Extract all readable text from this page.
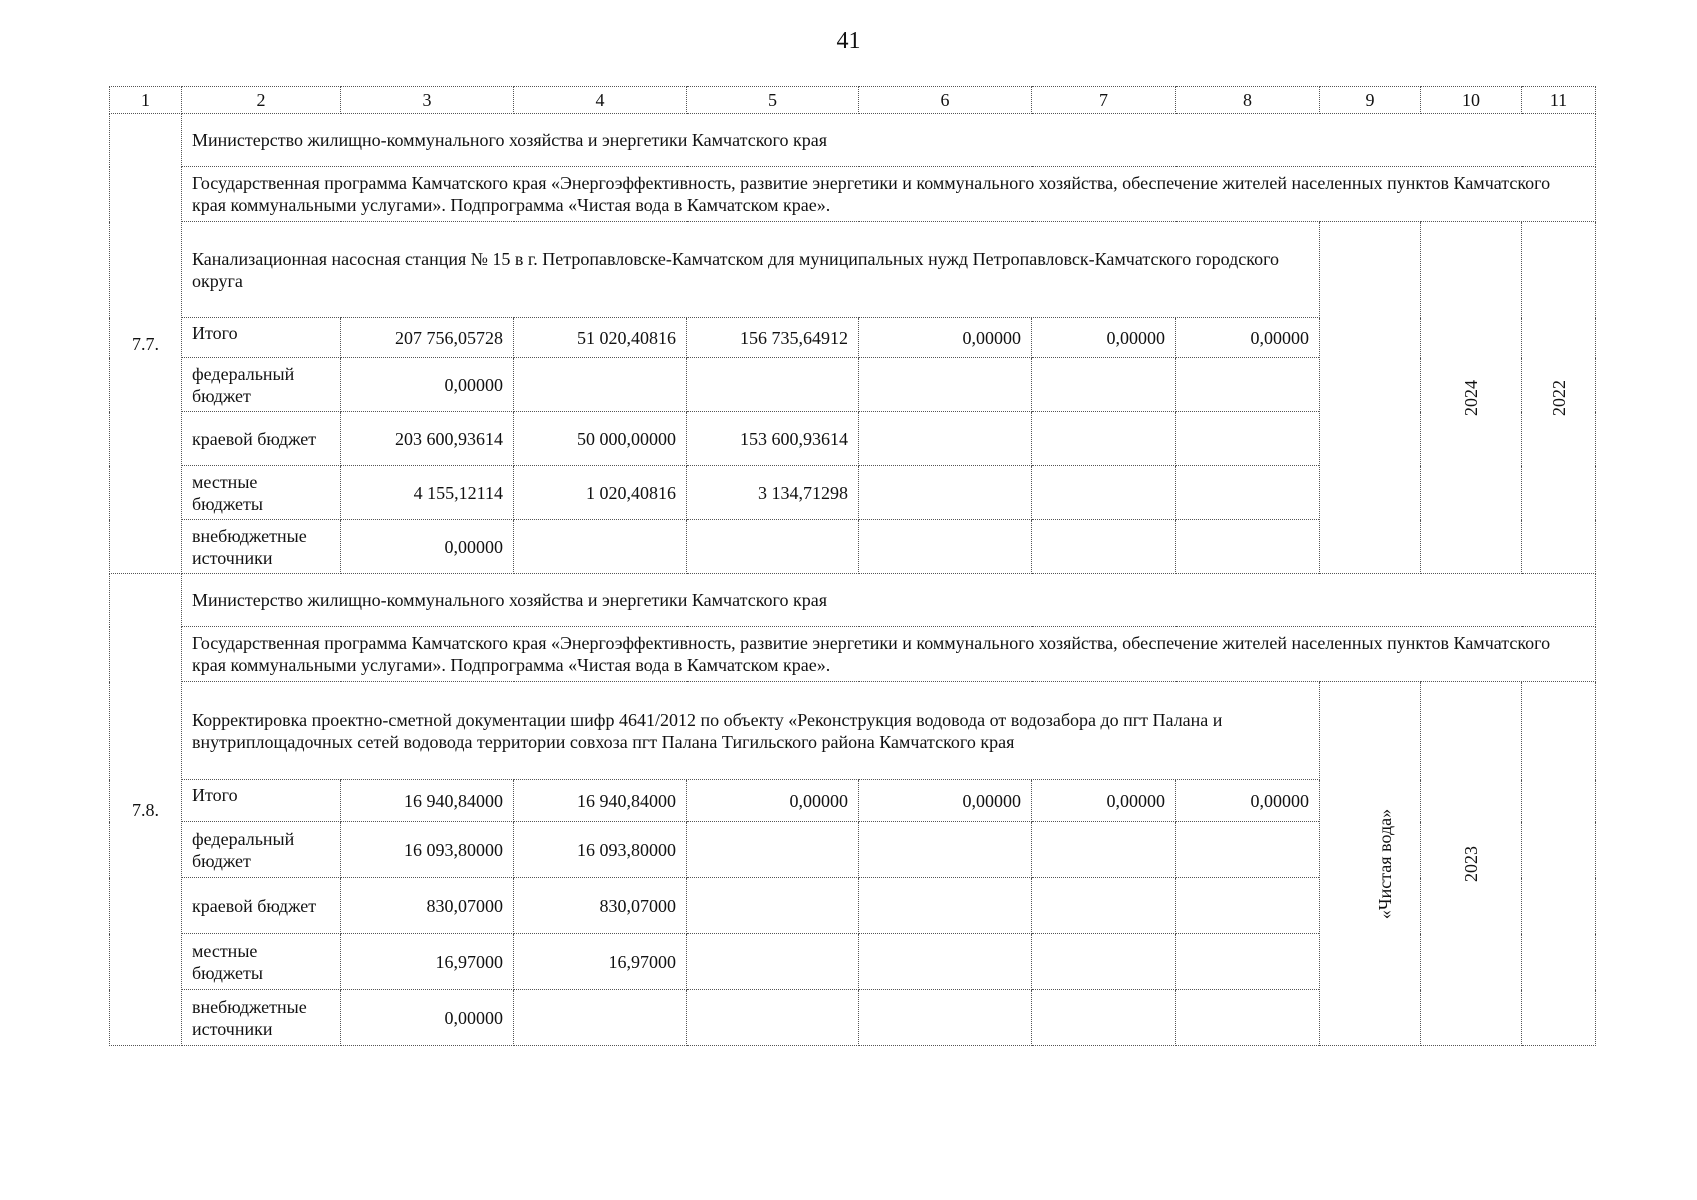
41
1	2	3	4	5	6	7	8	9	10	11
7.7.	Министерство жилищно-коммунального хозяйства и энергетики Камчатского края									
	Государственная программа Камчатского края «Энергоэффективность, развитие энергетики и коммунального хозяйства, обеспечение жителей населенных пунктов Камчатского края коммунальными услугами». Подпрограмма «Чистая вода в Камчатском крае».									
	Канализационная насосная станция № 15 в г. Петропавловске-Камчатском для муниципальных нужд Петропавловск-Камчатского городского округа								2024	2022
	Итого	207 756,05728	51 020,40816	156 735,64912	0,00000	0,00000	0,00000			
	федеральный бюджет	0,00000								
	краевой бюджет	203 600,93614	50 000,00000	153 600,93614						
	местные бюджеты	4 155,12114	1 020,40816	3 134,71298						
	внебюджетные источники	0,00000								
7.8.	Министерство жилищно-коммунального хозяйства и энергетики Камчатского края									
	Государственная программа Камчатского края «Энергоэффективность, развитие энергетики и коммунального хозяйства, обеспечение жителей населенных пунктов Камчатского края коммунальными услугами». Подпрограмма «Чистая вода в Камчатском крае».									
	Корректировка проектно-сметной документации шифр 4641/2012 по объекту «Реконструкция водовода от водозабора до пгт Палана и внутриплощадочных сетей водовода территории совхоза пгт Палана Тигильского района Камчатского края							«Чистая вода»	2023	
	Итого	16 940,84000	16 940,84000	0,00000	0,00000	0,00000	0,00000			
	федеральный бюджет	16 093,80000	16 093,80000							
	краевой бюджет	830,07000	830,07000							
	местные бюджеты	16,97000	16,97000							
	внебюджетные источники	0,00000								
